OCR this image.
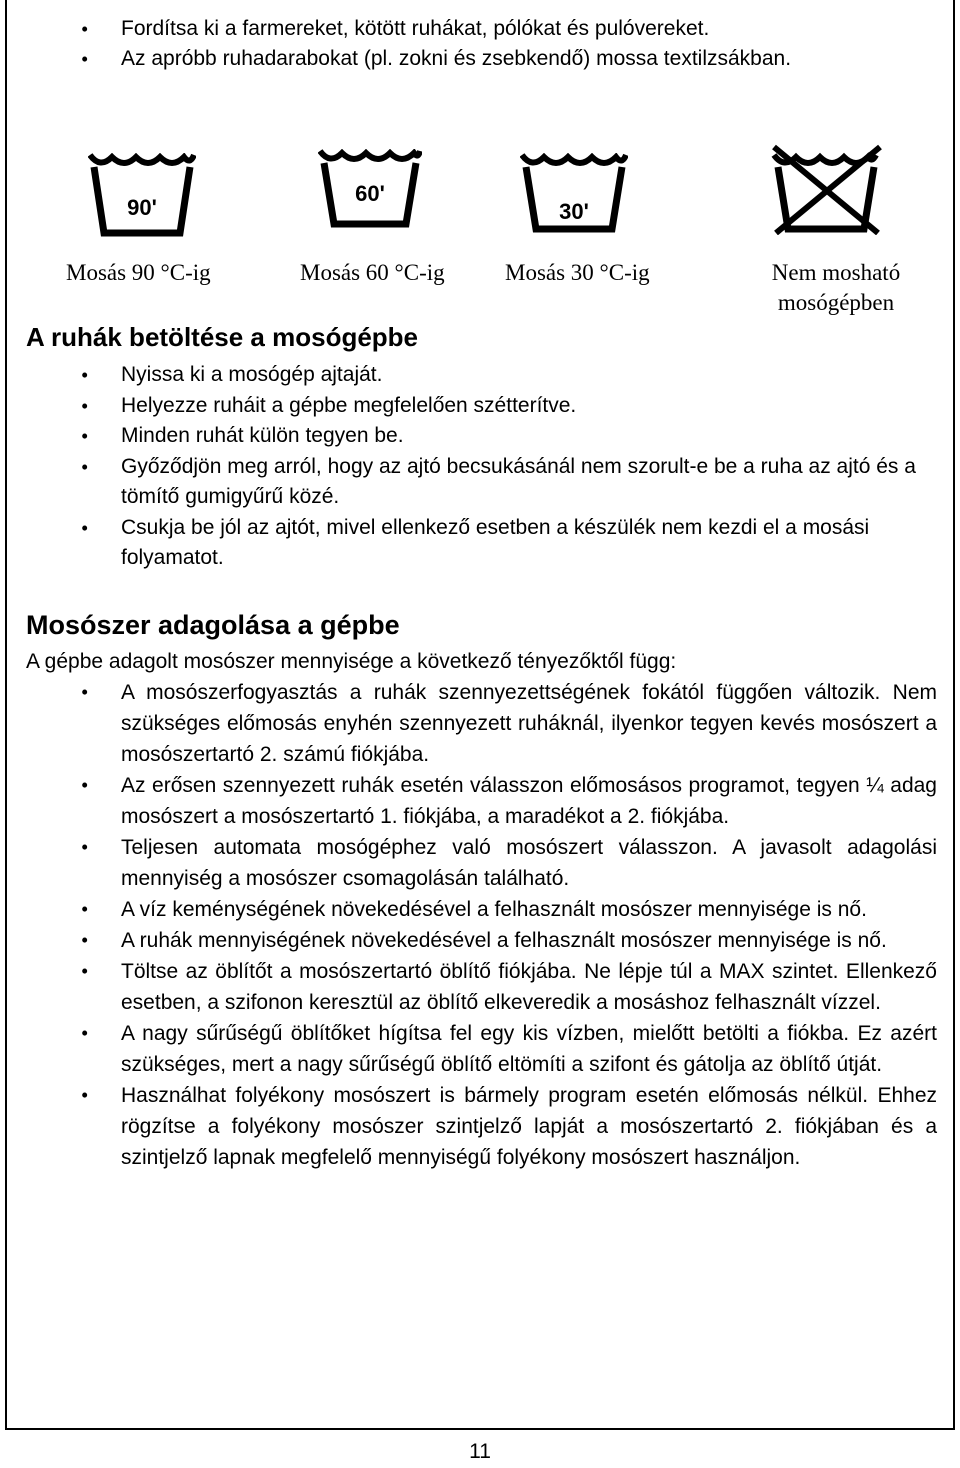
• Fordítsa ki a farmereket, kötött ruhákat, pólókat és pulóvereket.
• Az apróbb ruhadarabokat (pl. zokni és zsebkendő) mossa textilzsákban.
90'
60'
30'
Mosás 90 °C-ig	Mosás 60 °C-ig	Mosás 30 °C-ig	Nem mosható
mosógépben
A ruhák betöltése a mosógépbe
• Nyissa ki a mosógép ajtaját.
• Helyezze ruháit a gépbe megfelelően szétterítve.
• Minden ruhát külön tegyen be.
• Győződjön meg arról, hogy az ajtó becsukásánál nem szorult-e be a ruha az ajtó és a tömítő gumigyűrű közé.
• Csukja be jól az ajtót, mivel ellenkező esetben a készülék nem kezdi el a mosási folyamatot.
Mosószer adagolása a gépbe
A gépbe adagolt mosószer mennyisége a következő tényezőktől függ:
• A mosószerfogyasztás a ruhák szennyezettségének fokától függően változik. Nem szükséges előmosás enyhén szennyezett ruháknál, ilyenkor tegyen kevés mosószert a mosószertartó 2. számú fiókjába.
• Az erősen szennyezett ruhák esetén válasszon előmosásos programot, tegyen ¼ adag mosószert a mosószertartó 1. fiókjába, a maradékot a 2. fiókjába.
• Teljesen automata mosógéphez való mosószert válasszon. A javasolt adagolási mennyiség a mosószer csomagolásán található.
• A víz keménységének növekedésével a felhasznált mosószer mennyisége is nő.
• A ruhák mennyiségének növekedésével a felhasznált mosószer mennyisége is nő.
• Töltse az öblítőt a mosószertartó öblítő fiókjába. Ne lépje túl a MAX szintet. Ellenkező esetben, a szifonon keresztül az öblítő elkeveredik a mosáshoz felhasznált vízzel.
• A nagy sűrűségű öblítőket hígítsa fel egy kis vízben, mielőtt betölti a fiókba. Ez azért szükséges, mert a nagy sűrűségű öblítő eltömíti a szifont és gátolja az öblítő útját.
• Használhat folyékony mosószert is bármely program esetén előmosás nélkül. Ehhez rögzítse a folyékony mosószer szintjelző lapját a mosószertartó 2. fiókjában és a szintjelző lapnak megfelelő mennyiségű folyékony mosószert használjon.
11
